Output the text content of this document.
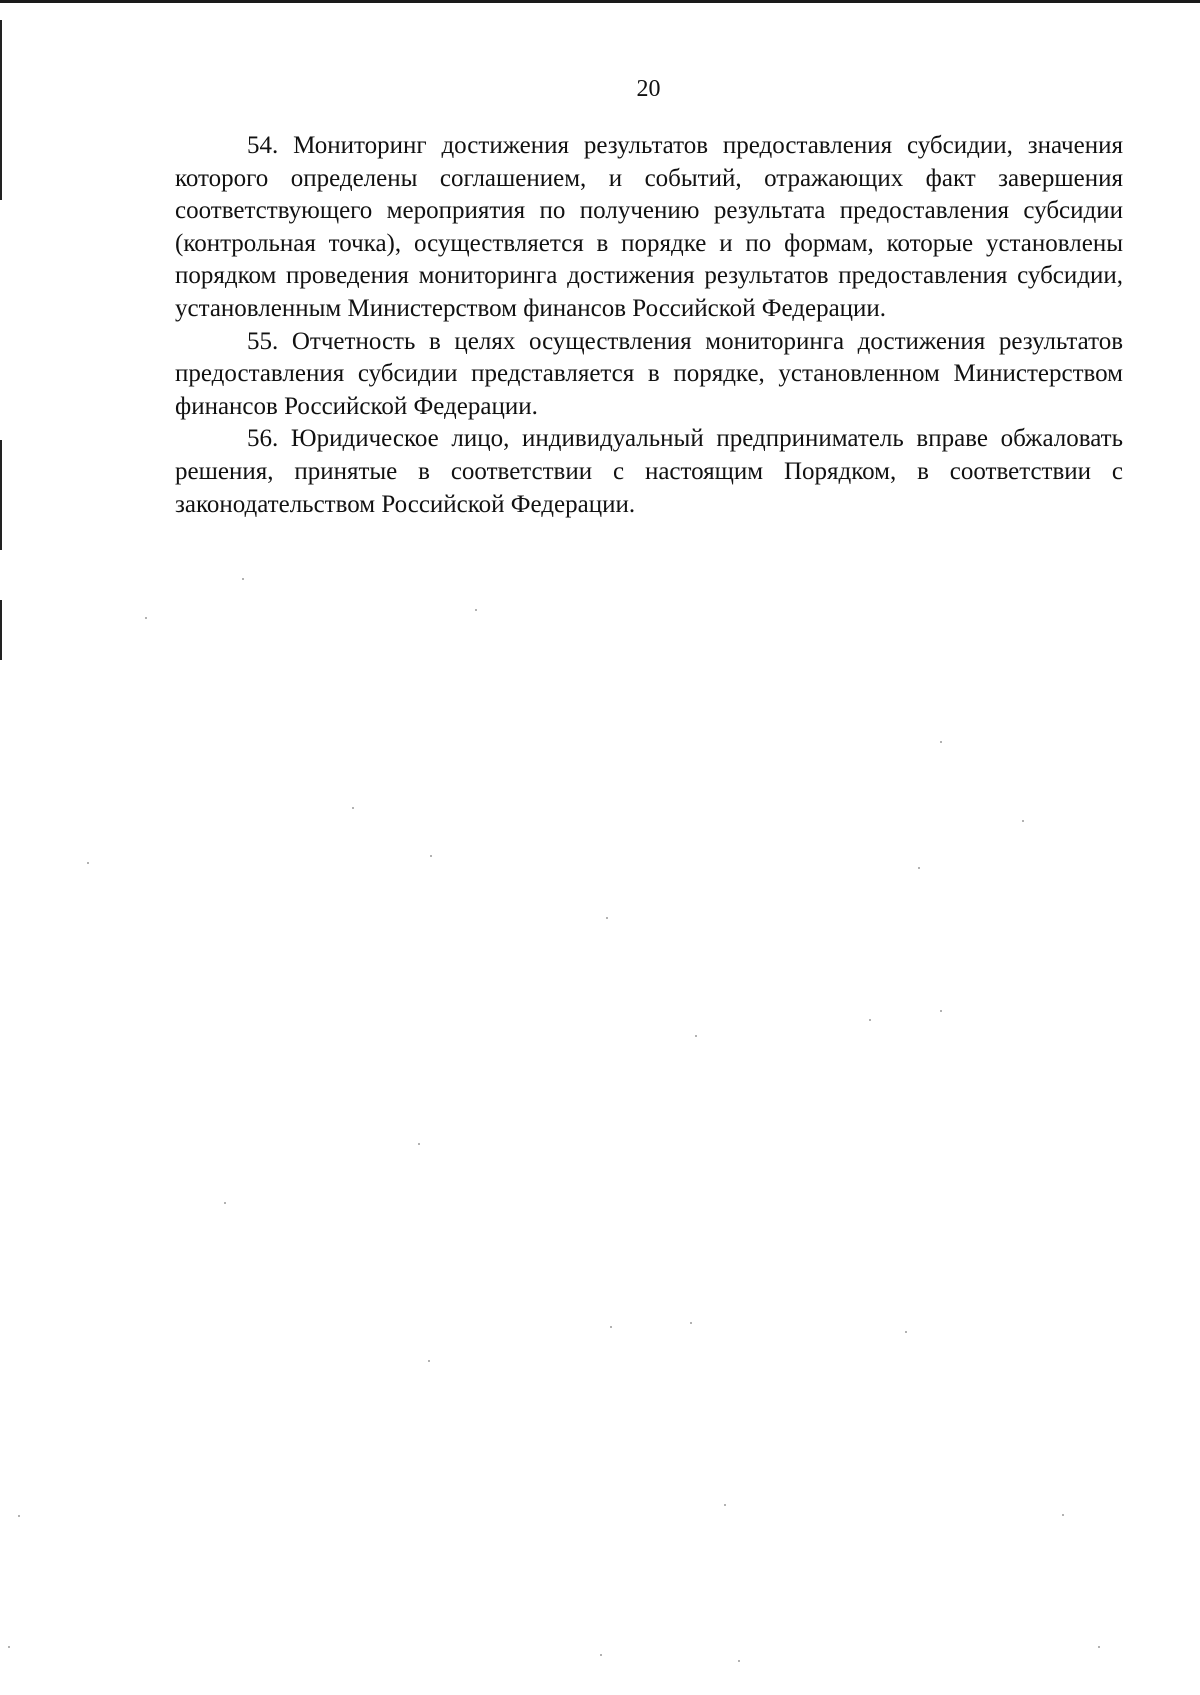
20

54. Мониторинг достижения результатов предоставления субсидии, значения которого определены соглашением, и событий, отражающих факт завершения соответствующего мероприятия по получению результата предоставления субсидии (контрольная точка), осуществляется в порядке и по формам, которые установлены порядком проведения мониторинга достижения результатов предоставления субсидии, установленным Министерством финансов Российской Федерации.

55. Отчетность в целях осуществления мониторинга достижения результатов предоставления субсидии представляется в порядке, установленном Министерством финансов Российской Федерации.

56. Юридическое лицо, индивидуальный предприниматель вправе обжаловать решения, принятые в соответствии с настоящим Порядком, в соответствии с законодательством Российской Федерации.
